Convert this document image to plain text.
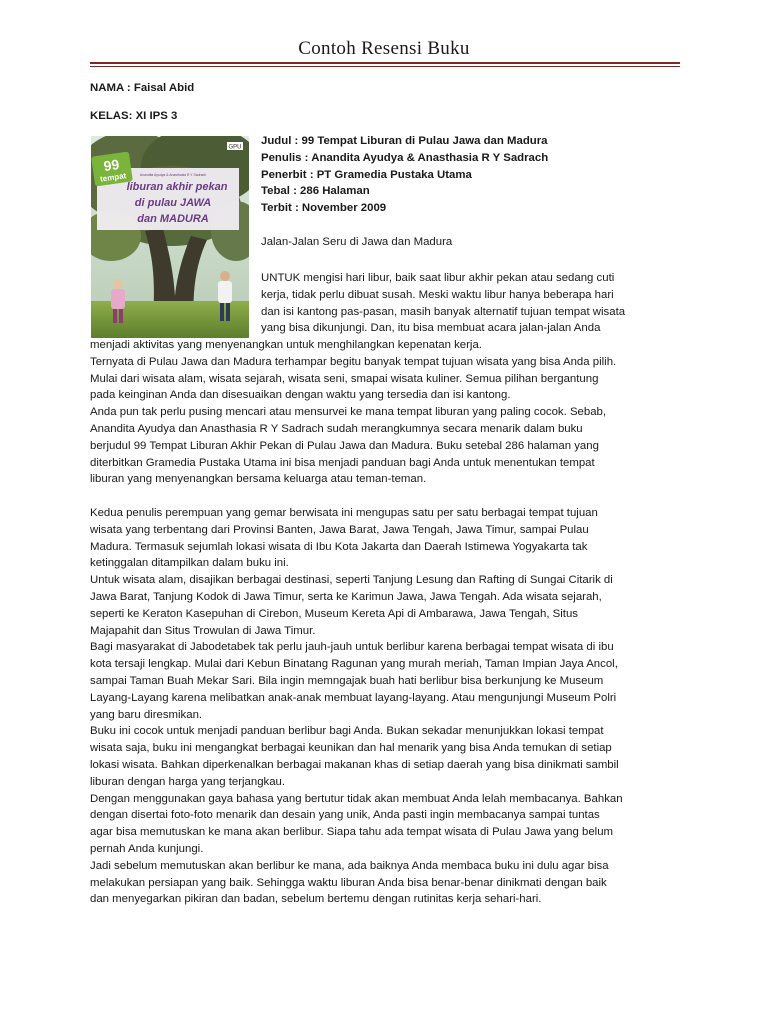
Contoh Resensi Buku
NAMA : Faisal Abid
KELAS: XI IPS 3
99
tempat	Anandita Ayudya & Anasthasia R Y Sadrach
liburan akhir pekan
di pulau JAWA
dan MADURA
GPU
Judul : 99 Tempat Liburan di Pulau Jawa dan Madura
Penulis : Anandita Ayudya & Anasthasia R Y Sadrach
Penerbit : PT Gramedia Pustaka Utama
Tebal : 286 Halaman
Terbit : November 2009
Jalan-Jalan Seru di Jawa dan Madura

UNTUK mengisi hari libur, baik saat libur akhir pekan atau sedang cuti

kerja, tidak perlu dibuat susah. Meski waktu libur hanya beberapa hari

dan isi kantong pas-pasan, masih banyak alternatif tujuan tempat wisata

yang bisa dikunjungi. Dan, itu bisa membuat acara jalan-jalan Anda

menjadi aktivitas yang menyenangkan untuk menghilangkan kepenatan kerja.

Ternyata di Pulau Jawa dan Madura terhampar begitu banyak tempat tujuan wisata yang bisa Anda pilih.

Mulai dari wisata alam, wisata sejarah, wisata seni, smapai wisata kuliner. Semua pilihan bergantung

pada keinginan Anda dan disesuaikan dengan waktu yang tersedia dan isi kantong.

Anda pun tak perlu pusing mencari atau mensurvei ke mana tempat liburan yang paling cocok. Sebab,

Anandita Ayudya dan Anasthasia R Y Sadrach sudah merangkumnya secara menarik dalam buku

berjudul 99 Tempat Liburan Akhir Pekan di Pulau Jawa dan Madura. Buku setebal 286 halaman yang

diterbitkan Gramedia Pustaka Utama ini bisa menjadi panduan bagi Anda untuk menentukan tempat

liburan yang menyenangkan bersama keluarga atau teman-teman.

Kedua penulis perempuan yang gemar berwisata ini mengupas satu per satu berbagai tempat tujuan

wisata yang terbentang dari Provinsi Banten, Jawa Barat, Jawa Tengah, Jawa Timur, sampai Pulau

Madura. Termasuk sejumlah lokasi wisata di Ibu Kota Jakarta dan Daerah Istimewa Yogyakarta tak

ketinggalan ditampilkan dalam buku ini.

Untuk wisata alam, disajikan berbagai destinasi, seperti Tanjung Lesung dan Rafting di Sungai Citarik di

Jawa Barat, Tanjung Kodok di Jawa Timur, serta ke Karimun Jawa, Jawa Tengah. Ada wisata sejarah,

seperti ke Keraton Kasepuhan di Cirebon, Museum Kereta Api di Ambarawa, Jawa Tengah, Situs

Majapahit dan Situs Trowulan di Jawa Timur.

Bagi masyarakat di Jabodetabek tak perlu jauh-jauh untuk berlibur karena berbagai tempat wisata di ibu

kota tersaji lengkap. Mulai dari Kebun Binatang Ragunan yang murah meriah, Taman Impian Jaya Ancol,

sampai Taman Buah Mekar Sari. Bila ingin memngajak buah hati berlibur bisa berkunjung ke Museum

Layang-Layang karena melibatkan anak-anak membuat layang-layang. Atau mengunjungi Museum Polri

yang baru diresmikan.

Buku ini cocok untuk menjadi panduan berlibur bagi Anda. Bukan sekadar menunjukkan lokasi tempat

wisata saja, buku ini mengangkat berbagai keunikan dan hal menarik yang bisa Anda temukan di setiap

lokasi wisata. Bahkan diperkenalkan berbagai makanan khas di setiap daerah yang bisa dinikmati sambil

liburan dengan harga yang terjangkau.

Dengan menggunakan gaya bahasa yang bertutur tidak akan membuat Anda lelah membacanya. Bahkan

dengan disertai foto-foto menarik dan desain yang unik, Anda pasti ingin membacanya sampai tuntas

agar bisa memutuskan ke mana akan berlibur. Siapa tahu ada tempat wisata di Pulau Jawa yang belum

pernah Anda kunjungi.

Jadi sebelum memutuskan akan berlibur ke mana, ada baiknya Anda membaca buku ini dulu agar bisa

melakukan persiapan yang baik. Sehingga waktu liburan Anda bisa benar-benar dinikmati dengan baik

dan menyegarkan pikiran dan badan, sebelum bertemu dengan rutinitas kerja sehari-hari.
